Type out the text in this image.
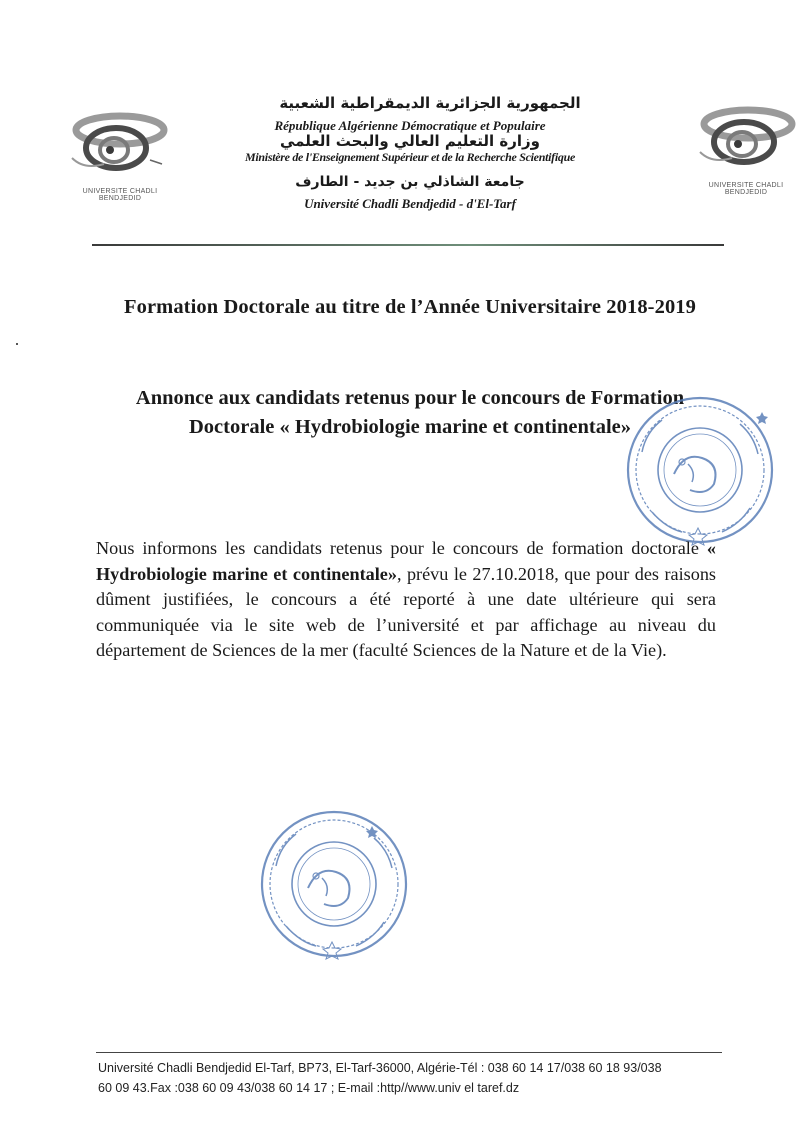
UNIVERSITE CHADLI BENDJEDID
UNIVERSITE CHADLI BENDJEDID
الجمهورية الجزائرية الديمقراطية الشعبية
République Algérienne Démocratique et Populaire
وزارة التعليم العالي والبحث العلمي
Ministère de l'Enseignement Supérieur et de la Recherche Scientifique
جامعة الشاذلي بن جديد - الطارف
Université Chadli Bendjedid - d'El-Tarf
Formation Doctorale au titre de l’Année Universitaire 2018-2019
Annonce aux candidats retenus pour le concours de Formation
Doctorale « Hydrobiologie marine et continentale»
Nous informons les candidats retenus pour le concours de formation doctorale « Hydrobiologie marine et continentale», prévu le 27.10.2018, que pour des raisons dûment justifiées, le concours a été reporté à une date ultérieure qui sera communiquée via le site web de l’université et par affichage au niveau du département de Sciences de la mer (faculté Sciences de la Nature et de la Vie).
Université Chadli Bendjedid El-Tarf, BP73, El-Tarf-36000, Algérie-Tél : 038 60 14 17/038 60 18 93/038
60 09 43.Fax :038 60 09 43/038 60 14 17 ; E-mail :http//www.univ el taref.dz
